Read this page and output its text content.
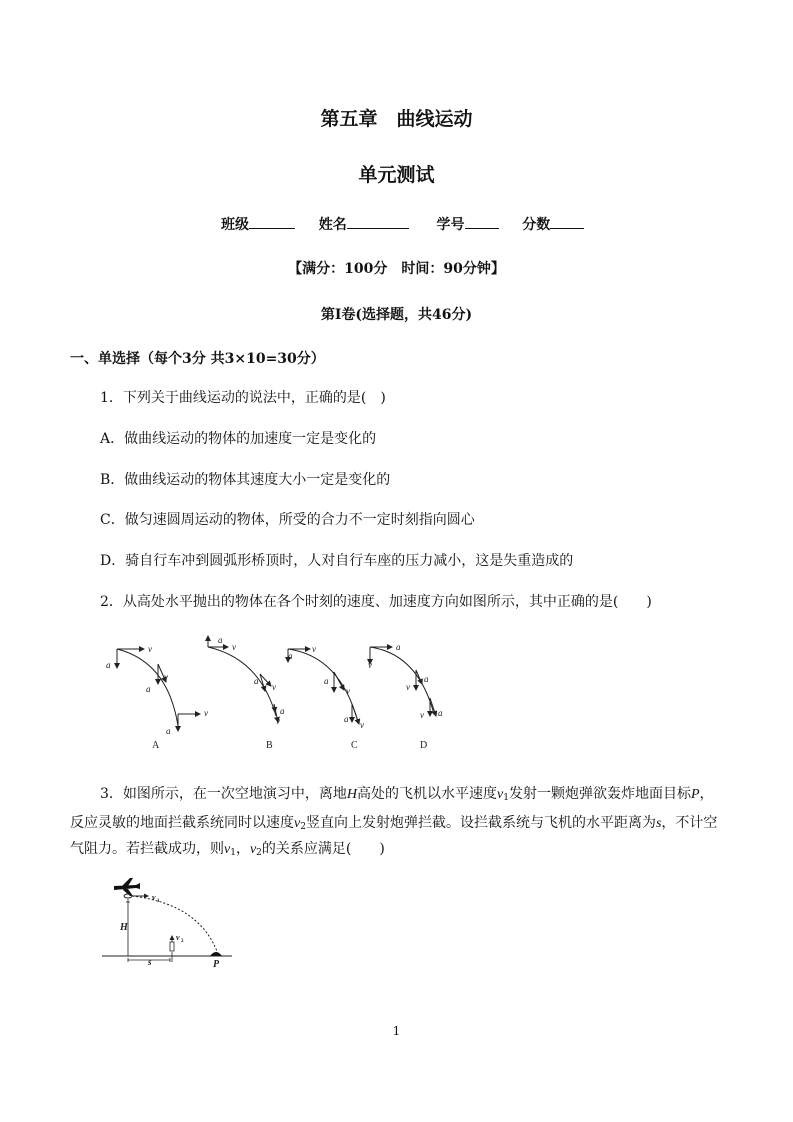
第五章　曲线运动
单元测试
班级	姓名	学号	分数
【满分：100分　时间：90分钟】
第Ⅰ卷(选择题，共46分)
一、单选择（每个3分 共3×10=30分）
1．下列关于曲线运动的说法中，正确的是(　)
A．做曲线运动的物体的加速度一定是变化的
B．做曲线运动的物体其速度大小一定是变化的
C．做匀速圆周运动的物体，所受的合力不一定时刻指向圆心
D．骑自行车冲到圆弧形桥顶时，人对自行车座的压力减小，这是失重造成的
2．从高处水平抛出的物体在各个时刻的速度、加速度方向如图所示，其中正确的是(　　)
a
v
a
v
v
a
a
v
a
v
a
v
a
v
a
v
a
v
a
v
a
v
a
v
A	B	C	D
3．如图所示，在一次空地演习中，离地H高处的飞机以水平速度$v_1$发射一颗炮弹欲轰炸地面目标P，
反应灵敏的地面拦截系统同时以速度$v_2$竖直向上发射炮弹拦截。设拦截系统与飞机的水平距离为s，不计空
气阻力。若拦截成功，则$v_1$，$v_2$的关系应满足(　　)
H
s	P
v 1
v 2
1
